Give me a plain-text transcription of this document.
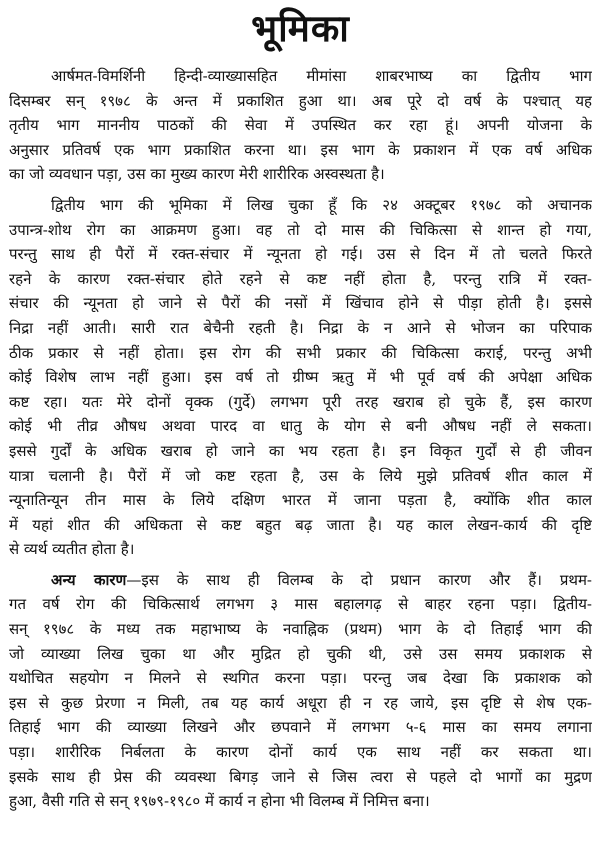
भूमिका

आर्षमत-विमर्शिनी हिन्दी-व्याख्यासहित मीमांसा शाबरभाष्य का द्वितीय भाग
दिसम्बर सन् १९७८ के अन्त में प्रकाशित हुआ था। अब पूरे दो वर्ष के पश्चात् यह
तृतीय भाग माननीय पाठकों की सेवा में उपस्थित कर रहा हूं। अपनी योजना के
अनुसार प्रतिवर्ष एक भाग प्रकाशित करना था। इस भाग के प्रकाशन में एक वर्ष अधिक
का जो व्यवधान पड़ा, उस का मुख्य कारण मेरी शारीरिक अस्वस्थता है।

द्वितीय भाग की भूमिका में लिख चुका हूँ कि २४ अक्टूबर १९७८ को अचानक
उपान्त्र-शोथ रोग का आक्रमण हुआ। वह तो दो मास की चिकित्सा से शान्त हो गया,
परन्तु साथ ही पैरों में रक्त-संचार में न्यूनता हो गई। उस से दिन में तो चलते फिरते
रहने के कारण रक्त-संचार होते रहने से कष्ट नहीं होता है, परन्तु रात्रि में रक्त-
संचार की न्यूनता हो जाने से पैरों की नसों में खिंचाव होने से पीड़ा होती है। इससे
निद्रा नहीं आती। सारी रात बेचैनी रहती है। निद्रा के न आने से भोजन का परिपाक
ठीक प्रकार से नहीं होता। इस रोग की सभी प्रकार की चिकित्सा कराई, परन्तु अभी
कोई विशेष लाभ नहीं हुआ। इस वर्ष तो ग्रीष्म ऋतु में भी पूर्व वर्ष की अपेक्षा अधिक
कष्ट रहा। यतः मेरे दोनों वृक्क (गुर्दे) लगभग पूरी तरह खराब हो चुके हैं, इस कारण
कोई भी तीव्र औषध अथवा पारद वा धातु के योग से बनी औषध नहीं ले सकता।
इससे गुर्दों के अधिक खराब हो जाने का भय रहता है। इन विकृत गुर्दों से ही जीवन
यात्रा चलानी है। पैरों में जो कष्ट रहता है, उस के लिये मुझे प्रतिवर्ष शीत काल में
न्यूनातिन्यून तीन मास के लिये दक्षिण भारत में जाना पड़ता है, क्योंकि शीत काल
में यहां शीत की अधिकता से कष्ट बहुत बढ़ जाता है। यह काल लेखन-कार्य की दृष्टि
से व्यर्थ व्यतीत होता है।

अन्य कारण—इस के साथ ही विलम्ब के दो प्रधान कारण और हैं। प्रथम-
गत वर्ष रोग की चिकित्सार्थ लगभग ३ मास बहालगढ़ से बाहर रहना पड़ा। द्वितीय-
सन् १९७८ के मध्य तक महाभाष्य के नवाह्निक (प्रथम) भाग के दो तिहाई भाग की
जो व्याख्या लिख चुका था और मुद्रित हो चुकी थी, उसे उस समय प्रकाशक से
यथोचित सहयोग न मिलने से स्थगित करना पड़ा। परन्तु जब देखा कि प्रकाशक को
इस से कुछ प्रेरणा न मिली, तब यह कार्य अधूरा ही न रह जाये, इस दृष्टि से शेष एक-
तिहाई भाग की व्याख्या लिखने और छपवाने में लगभग ५-६ मास का समय लगाना
पड़ा। शारीरिक निर्बलता के कारण दोनों कार्य एक साथ नहीं कर सकता था।
इसके साथ ही प्रेस की व्यवस्था बिगड़ जाने से जिस त्वरा से पहले दो भागों का मुद्रण
हुआ, वैसी गति से सन् १९७९-१९८० में कार्य न होना भी विलम्ब में निमित्त बना।
